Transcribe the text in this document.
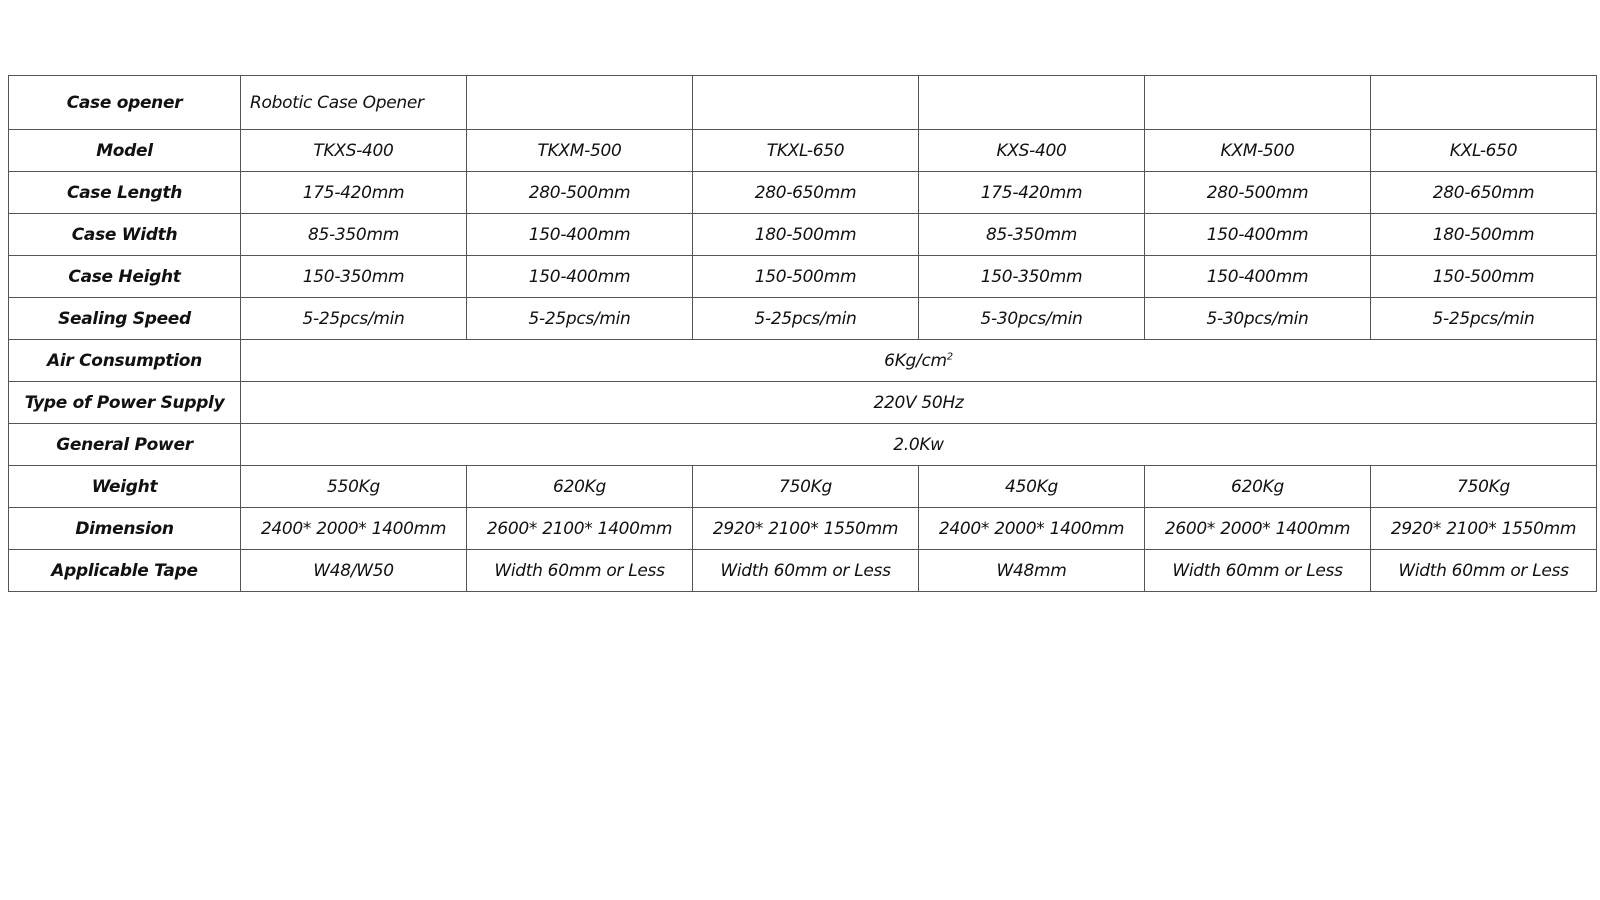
Case opener	Robotic Case Opener					
Model	TKXS-400	TKXM-500	TKXL-650	KXS-400	KXM-500	KXL-650
Case Length	175-420mm	280-500mm	280-650mm	175-420mm	280-500mm	280-650mm
Case Width	85-350mm	150-400mm	180-500mm	85-350mm	150-400mm	180-500mm
Case Height	150-350mm	150-400mm	150-500mm	150-350mm	150-400mm	150-500mm
Sealing Speed	5-25pcs/min	5-25pcs/min	5-25pcs/min	5-30pcs/min	5-30pcs/min	5-25pcs/min
Air Consumption	$6Kg/cm^2$
Type of Power Supply	220V 50Hz					
General Power	2.0Kw					
Weight	550Kg	620Kg	750Kg	450Kg	620Kg	750Kg
Dimension	2400* 2000* 1400mm	2600* 2100* 1400mm	2920* 2100* 1550mm	2400* 2000* 1400mm	2600* 2000* 1400mm	2920* 2100* 1550mm
Applicable Tape	W48/W50	Width 60mm or Less	Width 60mm or Less	W48mm	Width 60mm or Less	Width 60mm or Less
